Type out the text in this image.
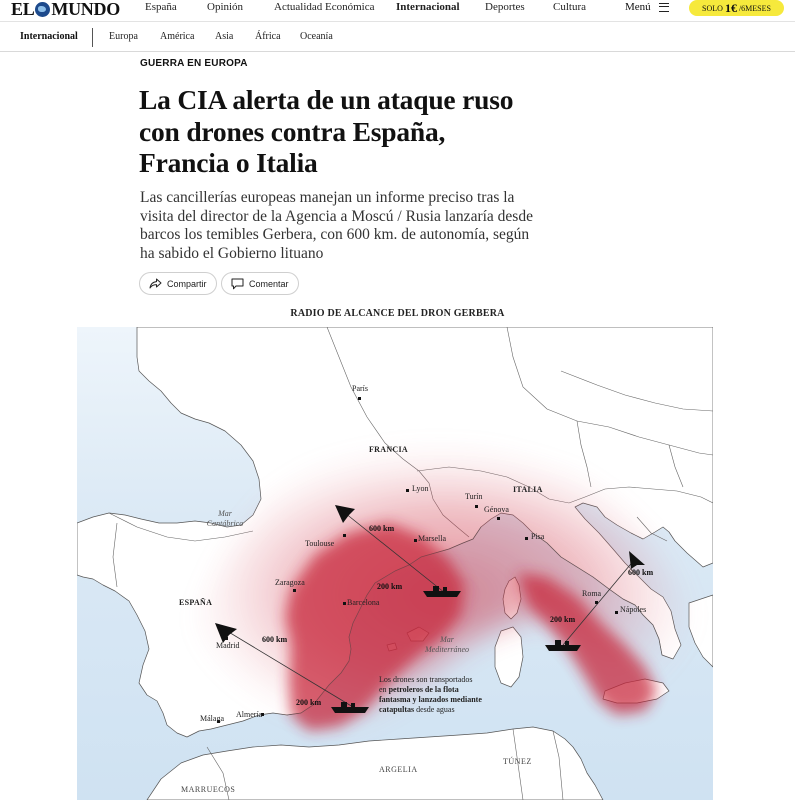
EL MUNDO España	Opinión	Actualidad Económica Internacional Deportes	Cultura	Menú	SOLO 1€ /6MESES
Internacional	Europa América Asia África Oceanía
GUERRA EN EUROPA
La CIA alerta de un ataque ruso
con drones contra España,
Francia o Italia
Las cancillerías europeas manejan un informe preciso tras la
visita del director de la Agencia a Moscú / Rusia lanzaría desde
barcos los temibles Gerbera, con 600 km. de autonomía, según
ha sabido el Gobierno lituano
Compartir	Comentar
RADIO DE ALCANCE DEL DRON GERBERA
FRANCIA
ITALIA
ESPAÑA
ARGELIA
TÚNEZ
MARRUECOS
Mar
Cantábrico
Mar
Mediterráneo
París
Lyon
Turín
Génova
Toulouse
Marsella	Pisa
Zaragoza
Barcelona
Madrid
Roma
Nápoles
Málaga Almería
600 km
200 km
600 km
200 km
600 km
200 km
Los drones son transportados
en petroleros de la flota
fantasma y lanzados mediante
catapultas desde aguas
